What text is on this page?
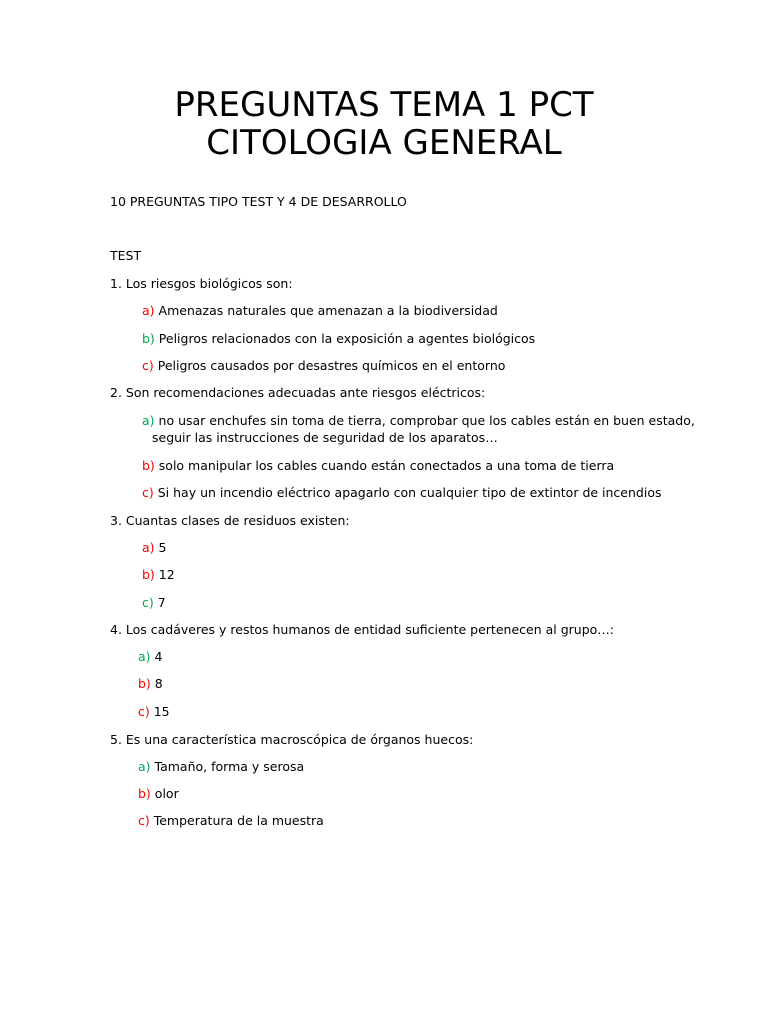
PREGUNTAS TEMA 1 PCT
CITOLOGIA GENERAL
10 PREGUNTAS TIPO TEST Y 4 DE DESARROLLO
TEST
1. Los riesgos biológicos son:
a) Amenazas naturales que amenazan a la biodiversidad
b) Peligros relacionados con la exposición a agentes biológicos
c) Peligros causados por desastres químicos en el entorno
2. Son recomendaciones adecuadas ante riesgos eléctricos:
a) no usar enchufes sin toma de tierra, comprobar que los cables están en buen estado,
seguir las instrucciones de seguridad de los aparatos…
b) solo manipular los cables cuando están conectados a una toma de tierra
c) Si hay un incendio eléctrico apagarlo con cualquier tipo de extintor de incendios
3. Cuantas clases de residuos existen:
a) 5
b) 12
c) 7
4. Los cadáveres y restos humanos de entidad suficiente pertenecen al grupo…:
a) 4
b) 8
c) 15
5. Es una característica macroscópica de órganos huecos:
a) Tamaño, forma y serosa
b) olor
c) Temperatura de la muestra
